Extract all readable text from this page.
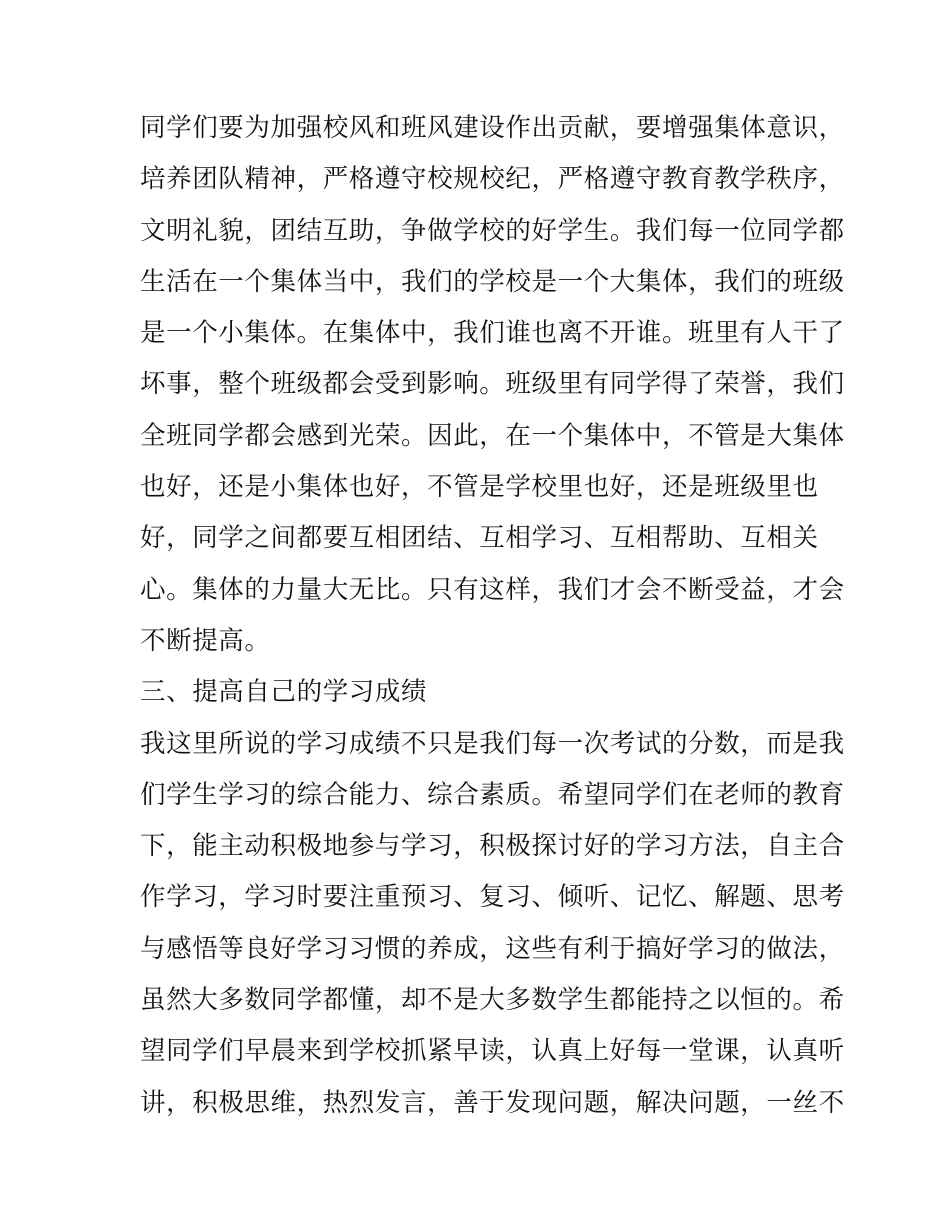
同学们要为加强校风和班风建设作出贡献，要增强集体意识，
培养团队精神，严格遵守校规校纪，严格遵守教育教学秩序，
文明礼貌，团结互助，争做学校的好学生。我们每一位同学都
生活在一个集体当中，我们的学校是一个大集体，我们的班级
是一个小集体。在集体中，我们谁也离不开谁。班里有人干了
坏事，整个班级都会受到影响。班级里有同学得了荣誉，我们
全班同学都会感到光荣。因此，在一个集体中，不管是大集体
也好，还是小集体也好，不管是学校里也好，还是班级里也
好，同学之间都要互相团结、互相学习、互相帮助、互相关
心。集体的力量大无比。只有这样，我们才会不断受益，才会
不断提高。
三、提高自己的学习成绩
我这里所说的学习成绩不只是我们每一次考试的分数，而是我
们学生学习的综合能力、综合素质。希望同学们在老师的教育
下，能主动积极地参与学习，积极探讨好的学习方法，自主合
作学习，学习时要注重预习、复习、倾听、记忆、解题、思考
与感悟等良好学习习惯的养成，这些有利于搞好学习的做法，
虽然大多数同学都懂，却不是大多数学生都能持之以恒的。希
望同学们早晨来到学校抓紧早读，认真上好每一堂课，认真听
讲，积极思维，热烈发言，善于发现问题，解决问题，一丝不
